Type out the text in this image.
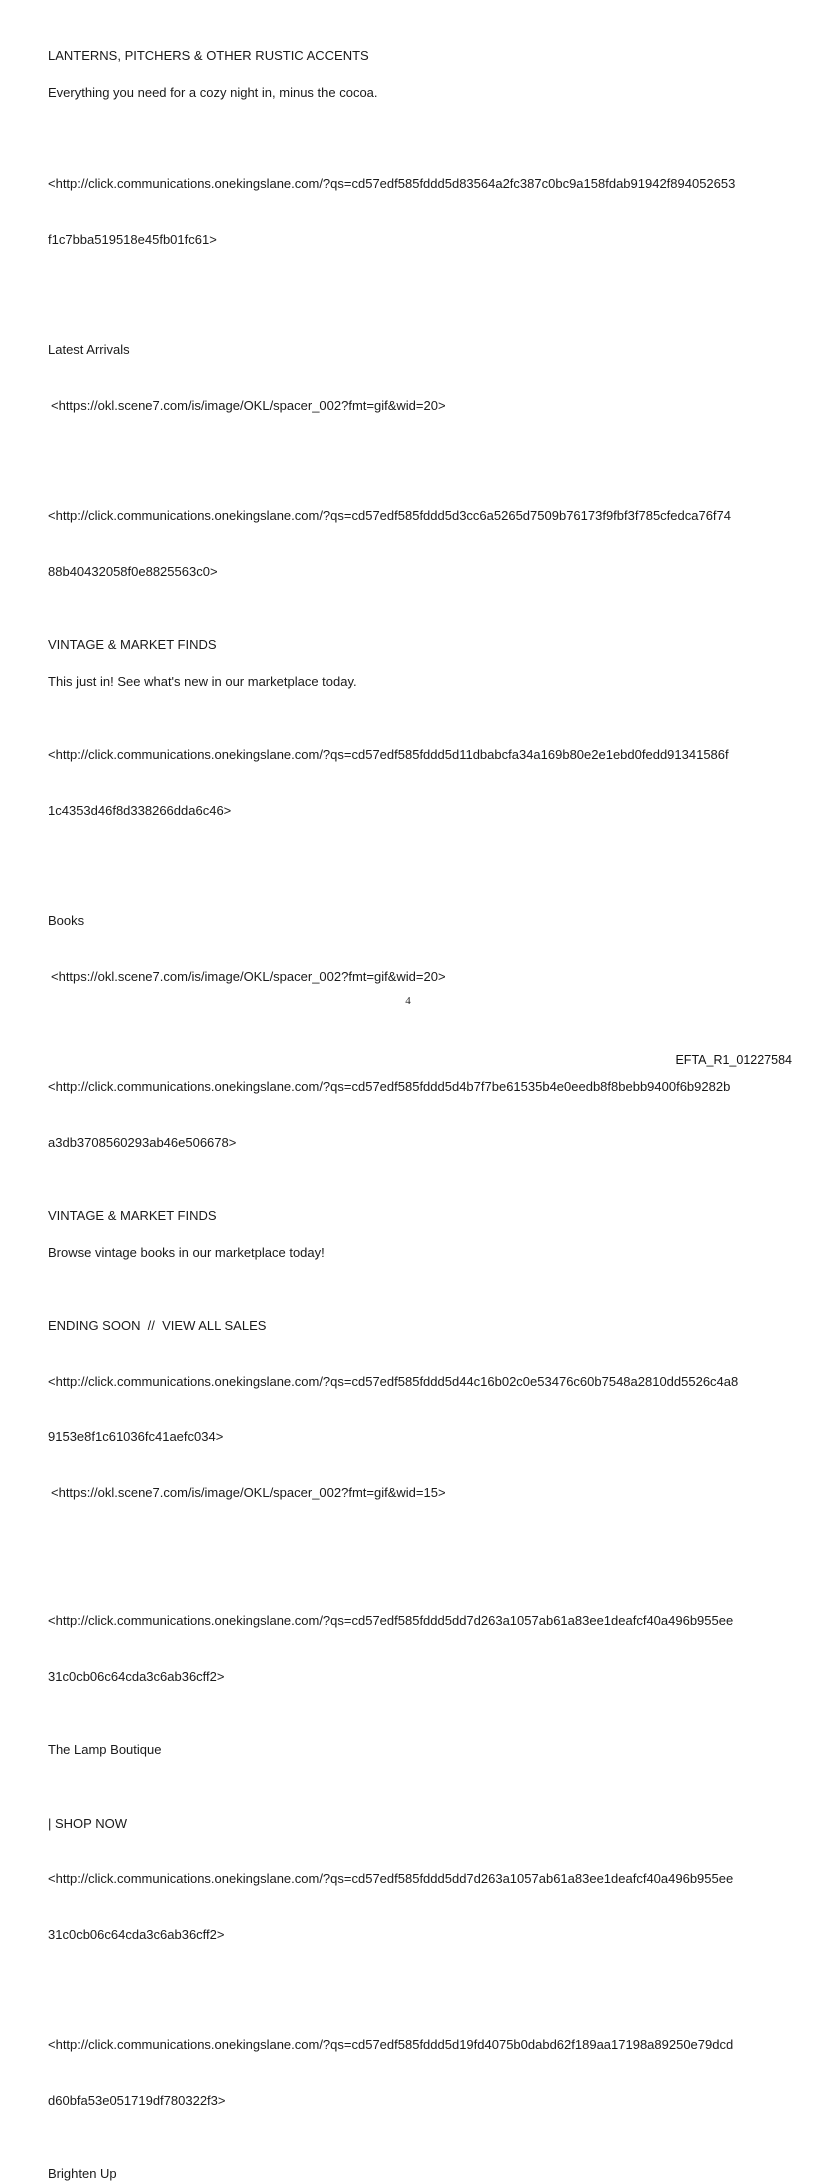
LANTERNS, PITCHERS & OTHER RUSTIC ACCENTS
Everything you need for a cozy night in, minus the cocoa.

<http://click.communications.onekingslane.com/?qs=cd57edf585fddd5d83564a2fc387c0bc9a158fdab91942f894052653

f1c7bba519518e45fb01fc61>

Latest Arrivals

<https://okl.scene7.com/is/image/OKL/spacer_002?fmt=gif&wid=20>

<http://click.communications.onekingslane.com/?qs=cd57edf585fddd5d3cc6a5265d7509b76173f9fbf3f785cfedca76f74

88b40432058f0e8825563c0>

VINTAGE & MARKET FINDS
This just in! See what's new in our marketplace today.

<http://click.communications.onekingslane.com/?qs=cd57edf585fddd5d11dbabcfa34a169b80e2e1ebd0fedd91341586f

1c4353d46f8d338266dda6c46>

Books

<https://okl.scene7.com/is/image/OKL/spacer_002?fmt=gif&wid=20>

<http://click.communications.onekingslane.com/?qs=cd57edf585fddd5d4b7f7be61535b4e0eedb8f8bebb9400f6b9282b

a3db3708560293ab46e506678>

VINTAGE & MARKET FINDS
Browse vintage books in our marketplace today!

ENDING SOON  //  VIEW ALL SALES

<http://click.communications.onekingslane.com/?qs=cd57edf585fddd5d44c16b02c0e53476c60b7548a2810dd5526c4a8

9153e8f1c61036fc41aefc034>

<https://okl.scene7.com/is/image/OKL/spacer_002?fmt=gif&wid=15>

<http://click.communications.onekingslane.com/?qs=cd57edf585fddd5dd7d263a1057ab61a83ee1deafcf40a496b955ee

31c0cb06c64cda3c6ab36cff2>

The Lamp Boutique

| SHOP NOW

<http://click.communications.onekingslane.com/?qs=cd57edf585fddd5dd7d263a1057ab61a83ee1deafcf40a496b955ee

31c0cb06c64cda3c6ab36cff2>

<http://click.communications.onekingslane.com/?qs=cd57edf585fddd5d19fd4075b0dabd62f189aa17198a89250e79dcd

d60bfa53e051719df780322f3>

Brighten Up
4
EFTA_R1_01227584
